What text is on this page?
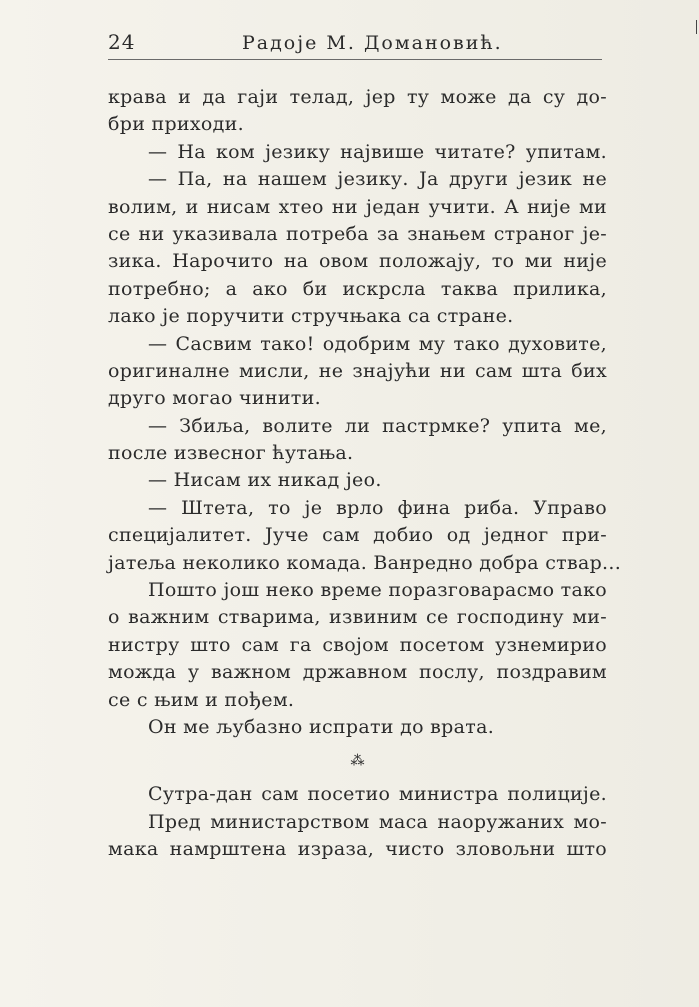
24	Радоје М. Домановић.
крава и да гаји телад, јер ту може да су до-
бри приходи.
— На ком језику највише читате? упитам.
— Па, на нашем језику. Ја други језик не
волим, и нисам хтео ни један учити. А није ми
се ни указивала потреба за знањем страног је-
зика. Нарочито на овом положају, то ми није
потребно; а ако би искрсла таква прилика,
лако је поручити стручњака са стране.
— Сасвим тако! одобрим му тако духовите,
оригиналне мисли, не знајући ни сам шта бих
друго могао чинити.
— Збиља, волите ли пастрмке? упита ме,
после извесног ћутања.
— Нисам их никад јео.
— Штета, то је врло фина риба. Управо
специјалитет. Јуче сам добио од једног при-
јатеља неколико комада. Ванредно добра ствар...
Пошто још неко време поразговарасмо тако
о важним стварима, извиним се господину ми-
нистру што сам га својом посетом узнемирио
можда у важном државном послу, поздравим
се с њим и пођем.
Он ме љубазно испрати до врата.
⁂
Сутра-дан сам посетио министра полиције.
Пред министарством маса наоружаних мо-
мака намрштена израза, чисто зловољни што
